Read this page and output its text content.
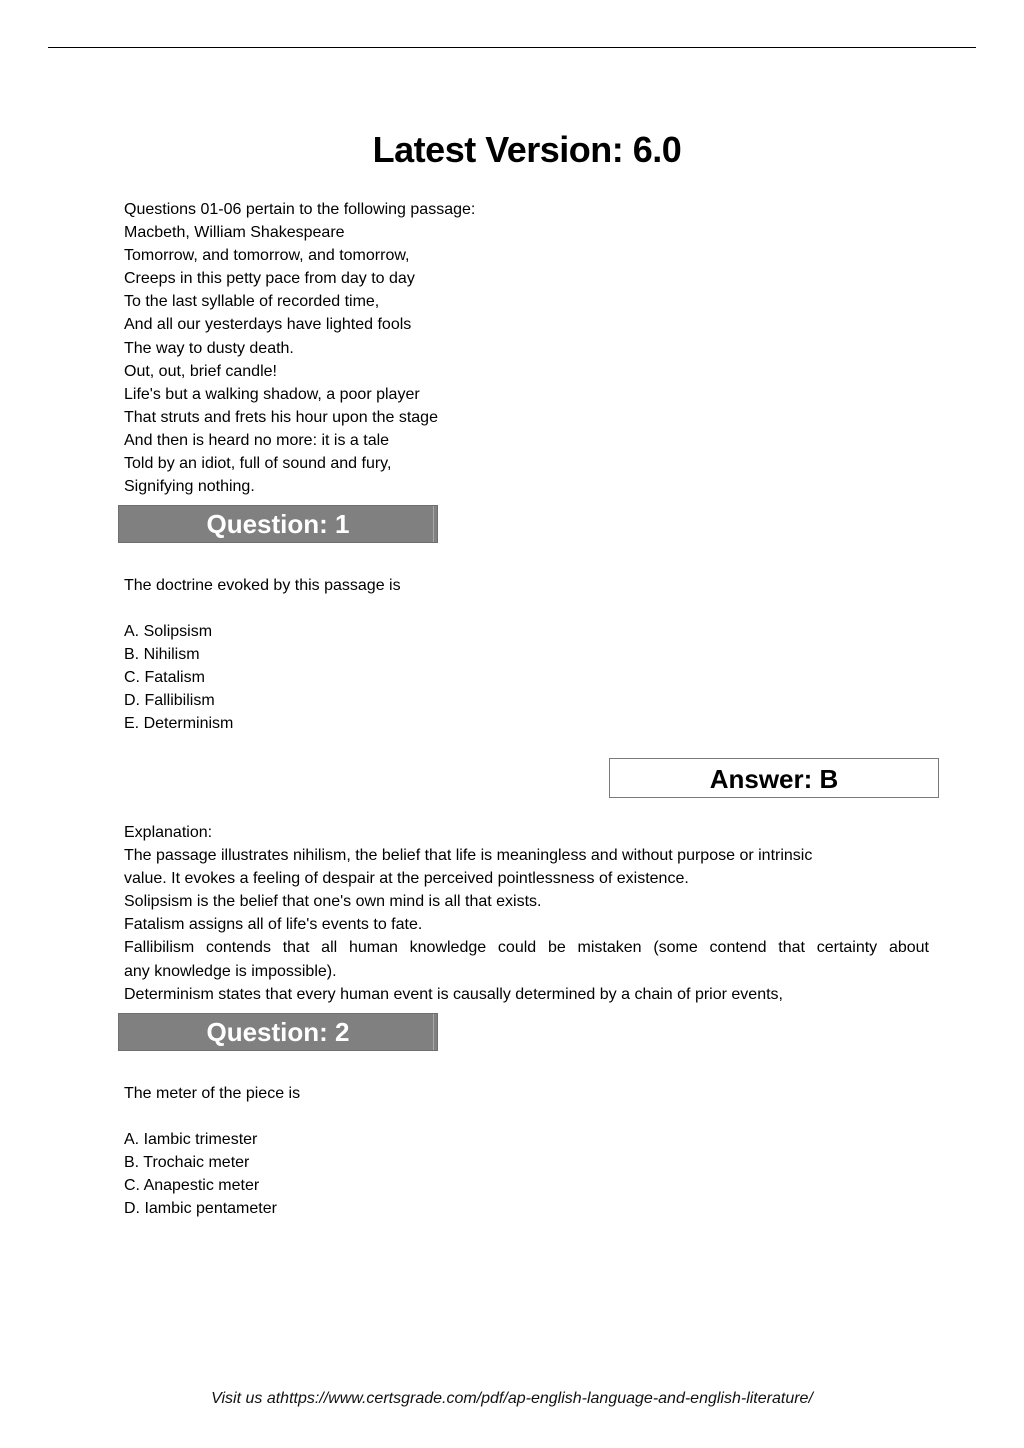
Latest Version: 6.0
Questions 01-06 pertain to the following passage:
Macbeth, William Shakespeare
Tomorrow, and tomorrow, and tomorrow,
Creeps in this petty pace from day to day
To the last syllable of recorded time,
And all our yesterdays have lighted fools
The way to dusty death.
Out, out, brief candle!
Life's but a walking shadow, a poor player
That struts and frets his hour upon the stage
And then is heard no more: it is a tale
Told by an idiot, full of sound and fury,
Signifying nothing.
Question: 1
The doctrine evoked by this passage is
A. Solipsism
B. Nihilism
C. Fatalism
D. Fallibilism
E. Determinism
Answer: B
Explanation:
The passage illustrates nihilism, the belief that life is meaningless and without purpose or intrinsic
value. It evokes a feeling of despair at the perceived pointlessness of existence.
Solipsism is the belief that one's own mind is all that exists.
Fatalism assigns all of life's events to fate.
Fallibilism contends that all human knowledge could be mistaken (some contend that certainty about
any knowledge is impossible).
Determinism states that every human event is causally determined by a chain of prior events,
Question: 2
The meter of the piece is
A. Iambic trimester
B. Trochaic meter
C. Anapestic meter
D. Iambic pentameter
Visit us athttps://www.certsgrade.com/pdf/ap-english-language-and-english-literature/
